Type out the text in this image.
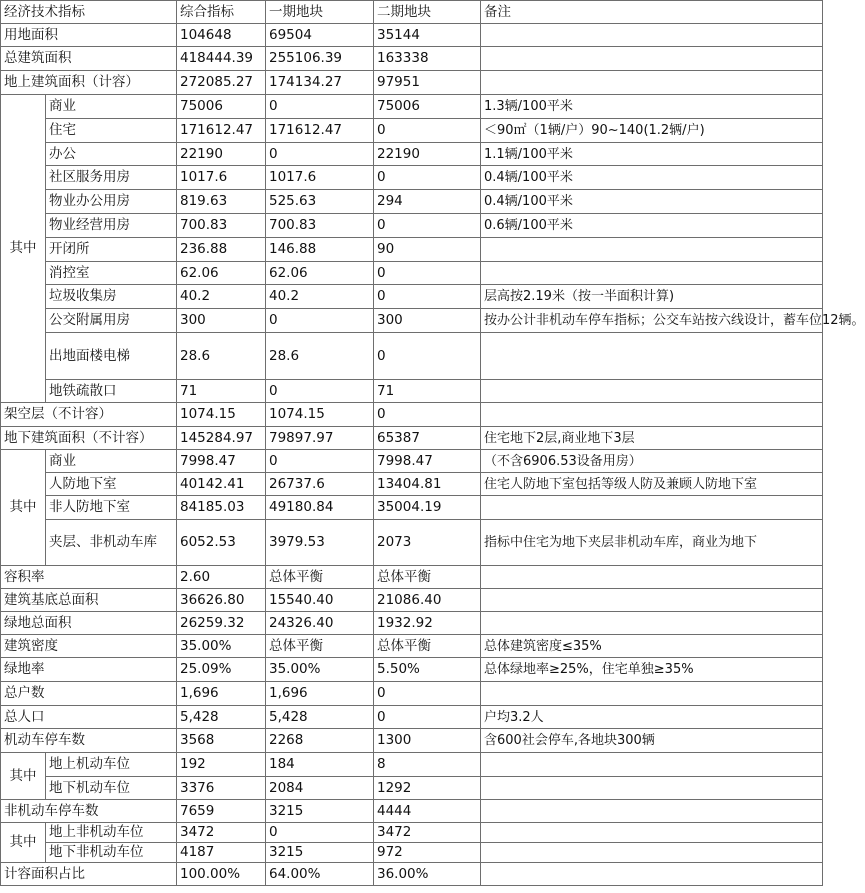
经济技术指标		综合指标	一期地块	二期地块	备注
用地面积		104648	69504	35144	
总建筑面积		418444.39	255106.39	163338	
地上建筑面积（计容）		272085.27	174134.27	97951	
其中	商业	75006	0	75006	1.3辆/100平米
	住宅	171612.47	171612.47	0	＜90㎡（1辆/户）90~140(1.2辆/户)
	办公	22190	0	22190	1.1辆/100平米
	社区服务用房	1017.6	1017.6	0	0.4辆/100平米
	物业办公用房	819.63	525.63	294	0.4辆/100平米
	物业经营用房	700.83	700.83	0	0.6辆/100平米
	开闭所	236.88	146.88	90	
	消控室	62.06	62.06	0	
	垃圾收集房	40.2	40.2	0	层高按2.19米（按一半面积计算)
	公交附属用房	300	0	300	按办公计非机动车停车指标；公交车站按六线设计，蓄车位12辆。
	出地面楼电梯	28.6	28.6	0	
	地铁疏散口	71	0	71	
架空层（不计容）		1074.15	1074.15	0	
地下建筑面积（不计容）		145284.97	79897.97	65387	住宅地下2层,商业地下3层
其中	商业	7998.47	0	7998.47	（不含6906.53设备用房）
	人防地下室	40142.41	26737.6	13404.81	住宅人防地下室包括等级人防及兼顾人防地下室
	非人防地下室	84185.03	49180.84	35004.19	
	夹层、非机动车库	6052.53	3979.53	2073	指标中住宅为地下夹层非机动车库，商业为地下
容积率		2.60	总体平衡	总体平衡	
建筑基底总面积		36626.80	15540.40	21086.40	
绿地总面积		26259.32	24326.40	1932.92	
建筑密度		35.00%	总体平衡	总体平衡	总体建筑密度≤35%
绿地率		25.09%	35.00%	5.50%	总体绿地率≥25%，住宅单独≥35%
总户数		1,696	1,696	0	
总人口		5,428	5,428	0	户均3.2人
机动车停车数		3568	2268	1300	含600社会停车,各地块300辆
其中	地上机动车位	192	184	8	
	地下机动车位	3376	2084	1292	
非机动车停车数		7659	3215	4444	
其中	地上非机动车位	3472	0	3472	
	地下非机动车位	4187	3215	972	
计容面积占比		100.00%	64.00%	36.00%	
